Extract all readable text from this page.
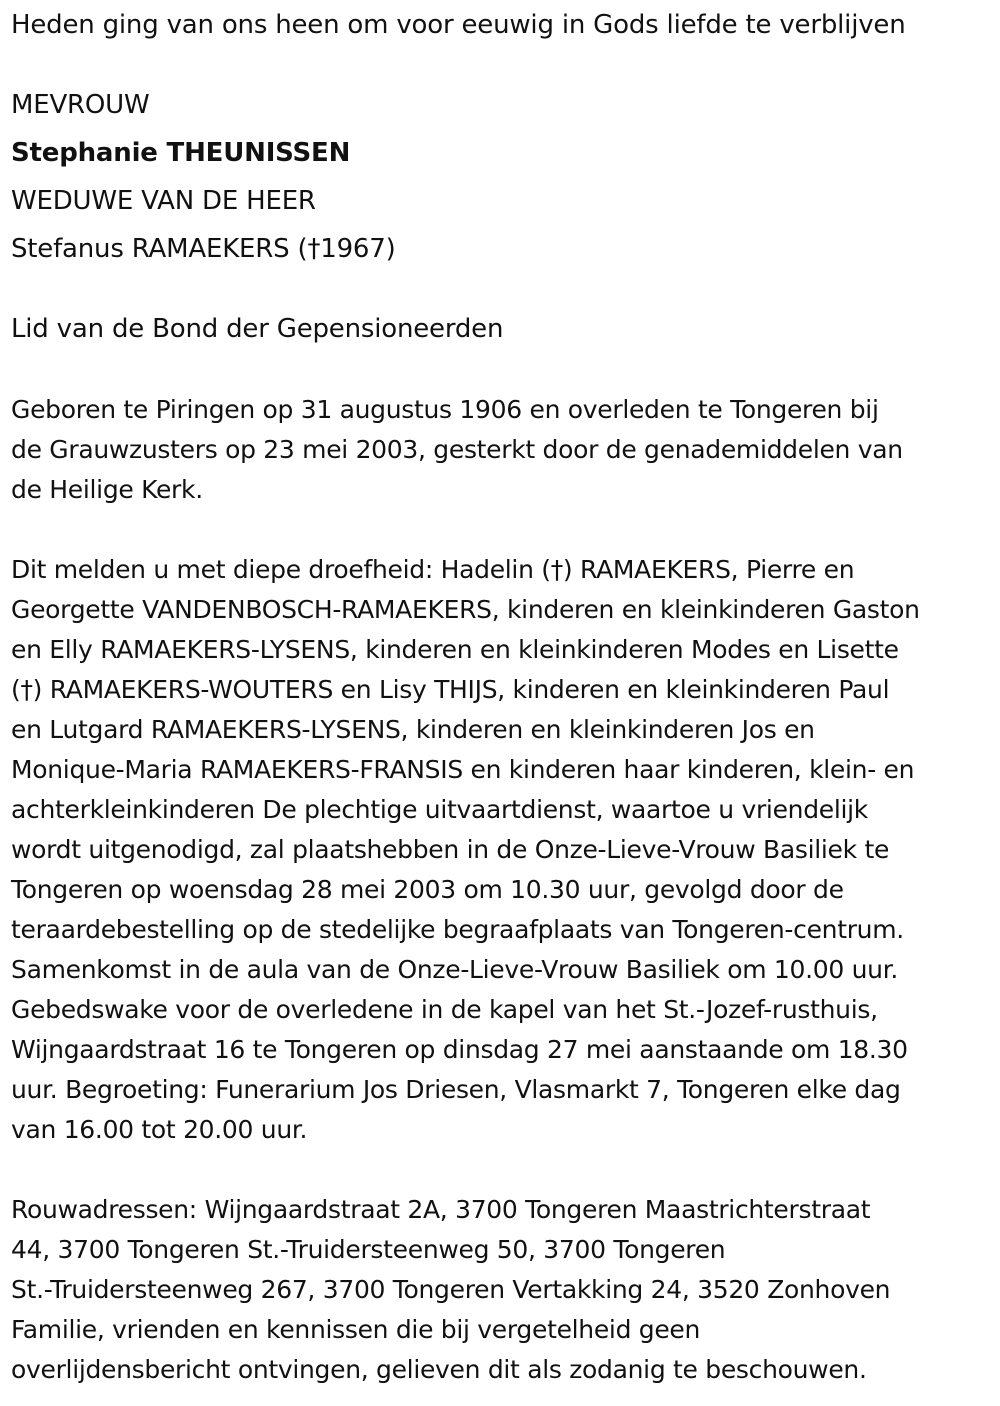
Heden ging van ons heen om voor eeuwig in Gods liefde te verblijven
MEVROUW
Stephanie THEUNISSEN
WEDUWE VAN DE HEER
Stefanus RAMAEKERS (†1967)
Lid van de Bond der Gepensioneerden
Geboren te Piringen op 31 augustus 1906 en overleden te Tongeren bij
de Grauwzusters op 23 mei 2003, gesterkt door de genademiddelen van
de Heilige Kerk.
Dit melden u met diepe droefheid: Hadelin (†) RAMAEKERS, Pierre en
Georgette VANDENBOSCH-RAMAEKERS, kinderen en kleinkinderen Gaston
en Elly RAMAEKERS-LYSENS, kinderen en kleinkinderen Modes en Lisette
(†) RAMAEKERS-WOUTERS en Lisy THIJS, kinderen en kleinkinderen Paul
en Lutgard RAMAEKERS-LYSENS, kinderen en kleinkinderen Jos en
Monique-Maria RAMAEKERS-FRANSIS en kinderen haar kinderen, klein- en
achterkleinkinderen De plechtige uitvaartdienst, waartoe u vriendelijk
wordt uitgenodigd, zal plaatshebben in de Onze-Lieve-Vrouw Basiliek te
Tongeren op woensdag 28 mei 2003 om 10.30 uur, gevolgd door de
teraardebestelling op de stedelijke begraafplaats van Tongeren-centrum.
Samenkomst in de aula van de Onze-Lieve-Vrouw Basiliek om 10.00 uur.
Gebedswake voor de overledene in de kapel van het St.-Jozef-rusthuis,
Wijngaardstraat 16 te Tongeren op dinsdag 27 mei aanstaande om 18.30
uur. Begroeting: Funerarium Jos Driesen, Vlasmarkt 7, Tongeren elke dag
van 16.00 tot 20.00 uur.
Rouwadressen: Wijngaardstraat 2A, 3700 Tongeren Maastrichterstraat
44, 3700 Tongeren St.-Truidersteenweg 50, 3700 Tongeren
St.-Truidersteenweg 267, 3700 Tongeren Vertakking 24, 3520 Zonhoven
Familie, vrienden en kennissen die bij vergetelheid geen
overlijdensbericht ontvingen, gelieven dit als zodanig te beschouwen.
